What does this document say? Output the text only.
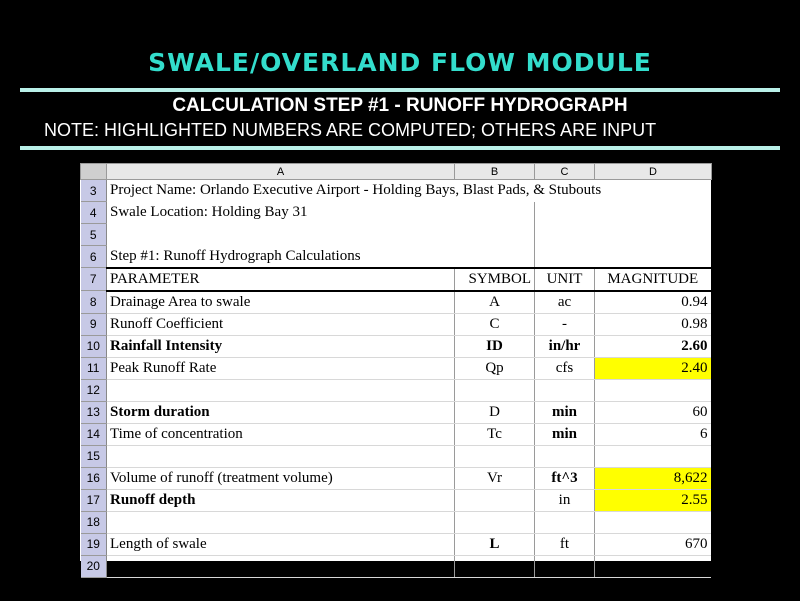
SWALE/OVERLAND FLOW MODULE
CALCULATION STEP #1 - RUNOFF HYDROGRAPH
NOTE: HIGHLIGHTED NUMBERS ARE COMPUTED; OTHERS ARE INPUT
	A	B	C	D
3	Project Name: Orlando Executive Airport - Holding Bays, Blast Pads, & Stubouts			
4	Swale Location: Holding Bay 31			
5				
6	Step #1: Runoff Hydrograph Calculations			
7	PARAMETER	SYMBOL	UNIT	MAGNITUDE
8	Drainage Area to swale	A	ac	0.94
9	Runoff Coefficient	C	-	0.98
10	Rainfall Intensity	ID	in/hr	2.60
11	Peak Runoff Rate	Qp	cfs	2.40
12				
13	Storm duration	D	min	60
14	Time of concentration	Tc	min	6
15				
16	Volume of runoff (treatment volume)	Vr	ft^3	8,622
17	Runoff depth		in	2.55
18				
19	Length of swale	L	ft	670
20				
